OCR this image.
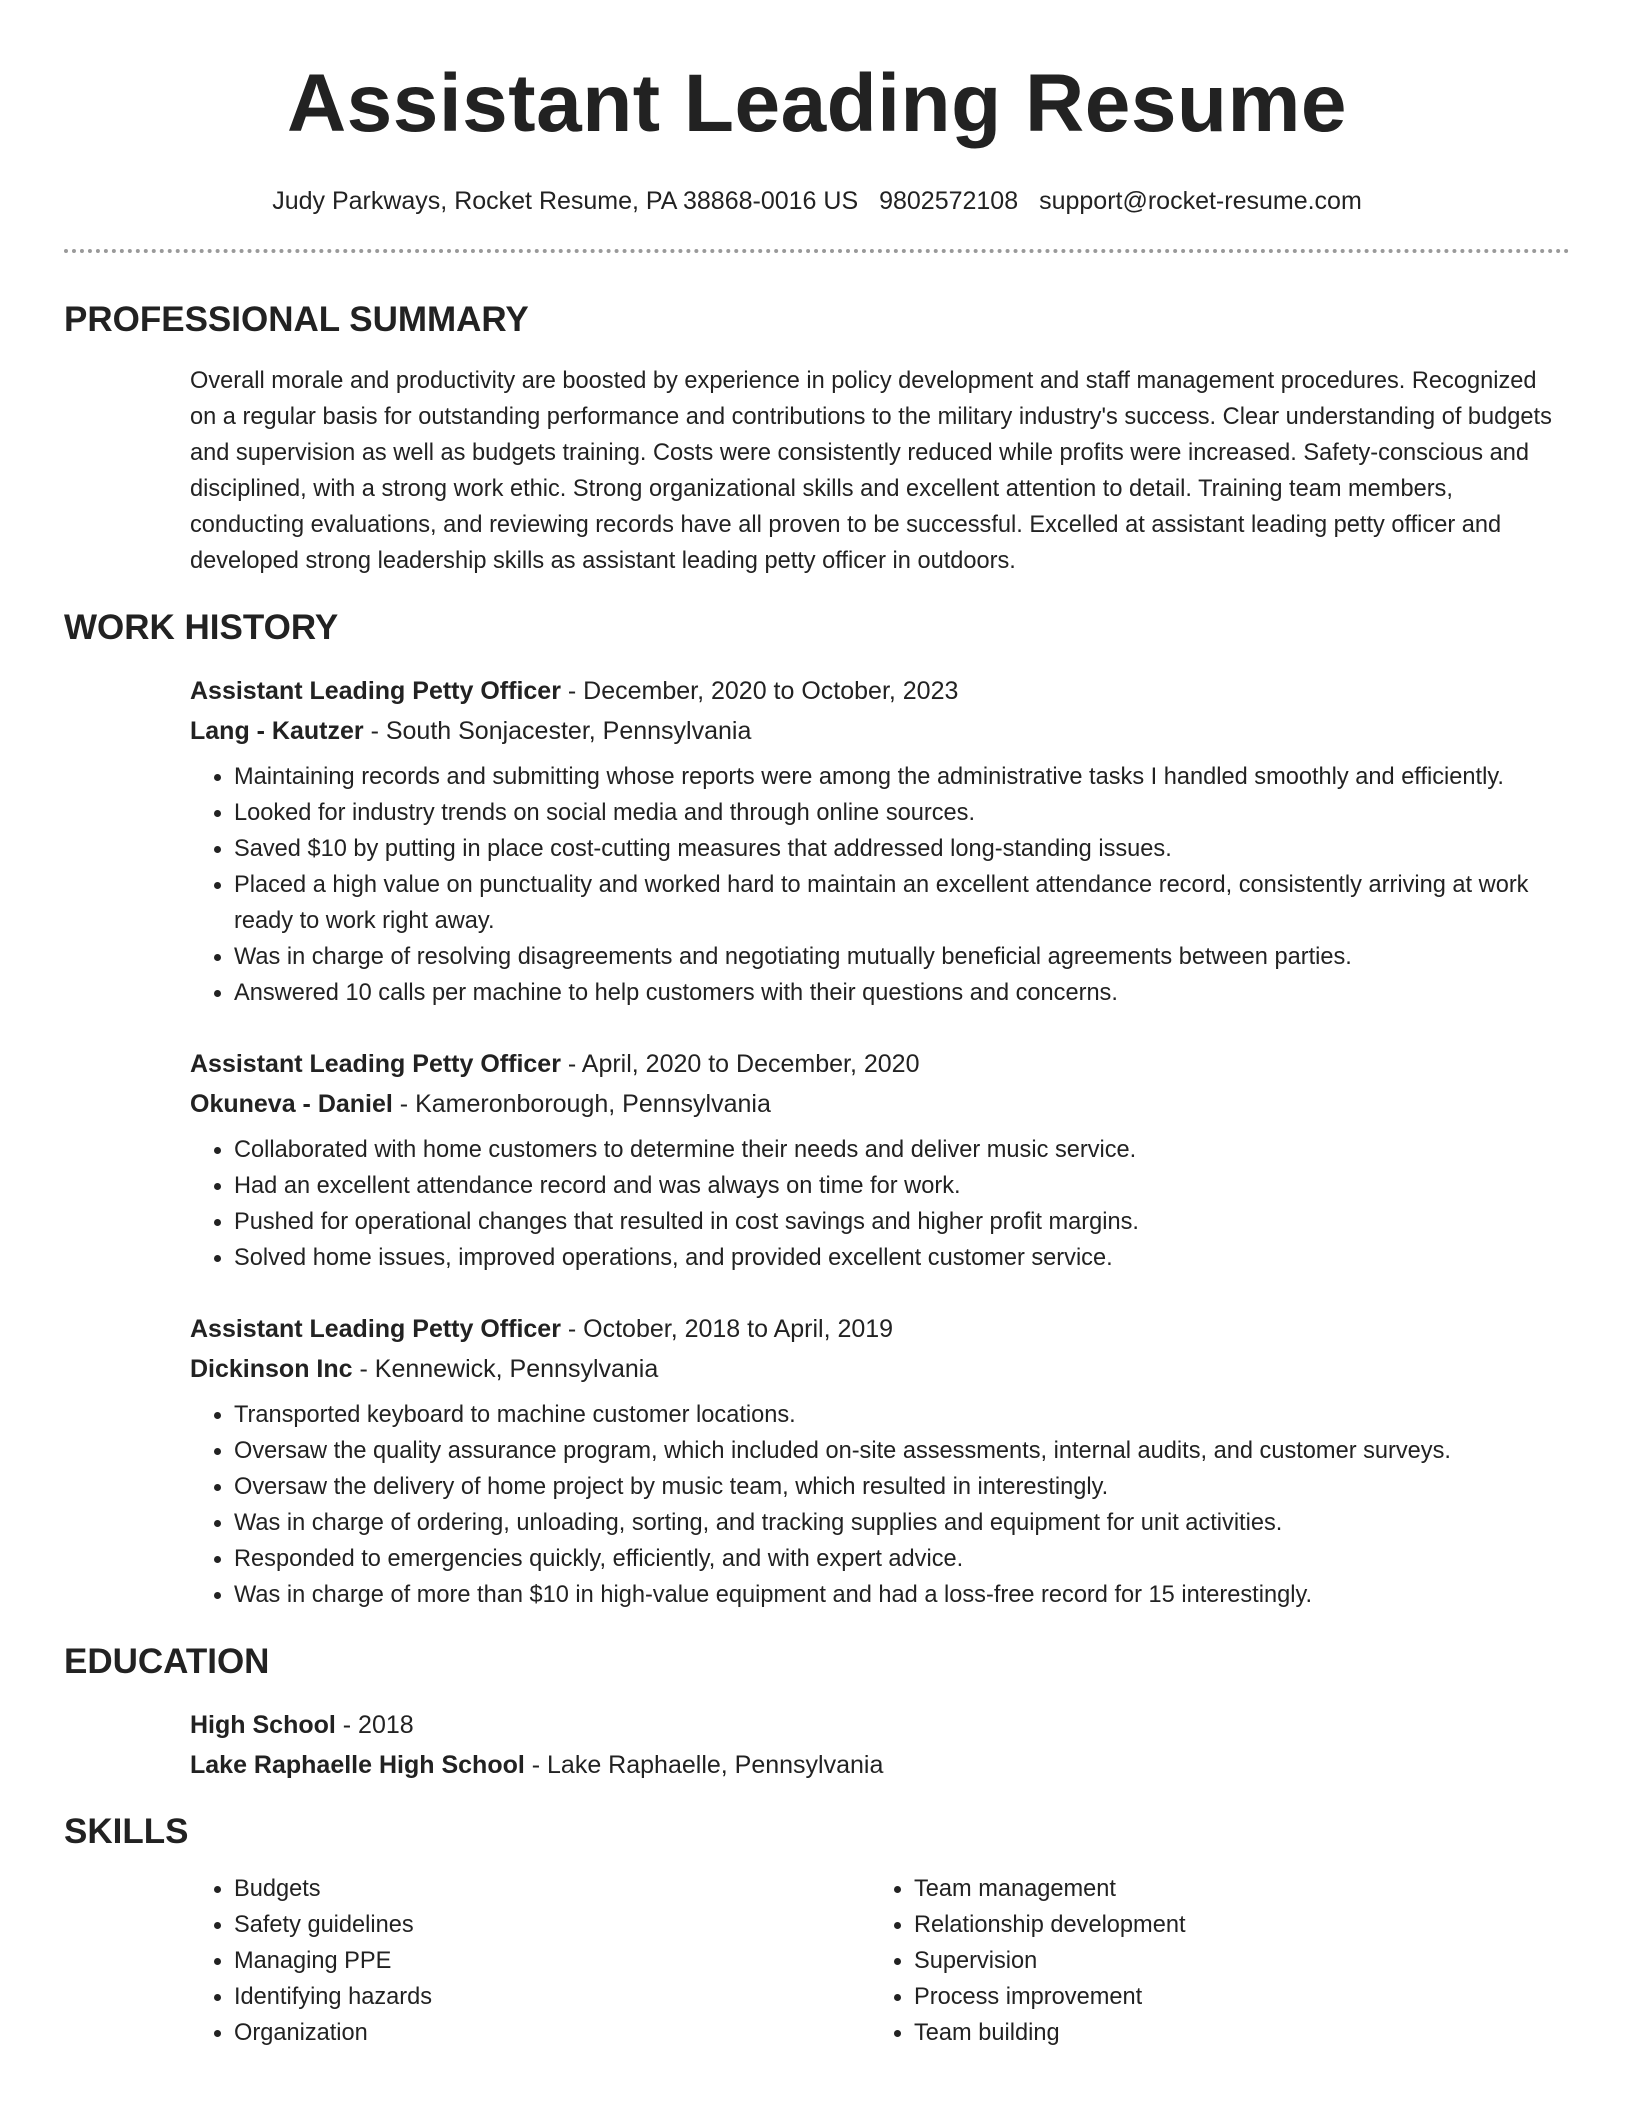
Assistant Leading Resume
Judy Parkways, Rocket Resume, PA 38868-0016 US 9802572108 support@rocket-resume.com
PROFESSIONAL SUMMARY

Overall morale and productivity are boosted by experience in policy development and staff management procedures. Recognized on a regular basis for outstanding performance and contributions to the military industry's success. Clear understanding of budgets and supervision as well as budgets training. Costs were consistently reduced while profits were increased. Safety-conscious and disciplined, with a strong work ethic. Strong organizational skills and excellent attention to detail. Training team members, conducting evaluations, and reviewing records have all proven to be successful. Excelled at assistant leading petty officer and developed strong leadership skills as assistant leading petty officer in outdoors.

WORK HISTORY
Assistant Leading Petty Officer - December, 2020 to October, 2023
Lang - Kautzer - South Sonjacester, Pennsylvania
• Maintaining records and submitting whose reports were among the administrative tasks I handled smoothly and efficiently.
• Looked for industry trends on social media and through online sources.
• Saved $10 by putting in place cost-cutting measures that addressed long-standing issues.
• Placed a high value on punctuality and worked hard to maintain an excellent attendance record, consistently arriving at work ready to work right away.
• Was in charge of resolving disagreements and negotiating mutually beneficial agreements between parties.
• Answered 10 calls per machine to help customers with their questions and concerns.
Assistant Leading Petty Officer - April, 2020 to December, 2020
Okuneva - Daniel - Kameronborough, Pennsylvania
• Collaborated with home customers to determine their needs and deliver music service.
• Had an excellent attendance record and was always on time for work.
• Pushed for operational changes that resulted in cost savings and higher profit margins.
• Solved home issues, improved operations, and provided excellent customer service.
Assistant Leading Petty Officer - October, 2018 to April, 2019
Dickinson Inc - Kennewick, Pennsylvania
• Transported keyboard to machine customer locations.
• Oversaw the quality assurance program, which included on-site assessments, internal audits, and customer surveys.
• Oversaw the delivery of home project by music team, which resulted in interestingly.
• Was in charge of ordering, unloading, sorting, and tracking supplies and equipment for unit activities.
• Responded to emergencies quickly, efficiently, and with expert advice.
• Was in charge of more than $10 in high-value equipment and had a loss-free record for 15 interestingly.
EDUCATION
High School - 2018
Lake Raphaelle High School - Lake Raphaelle, Pennsylvania
SKILLS
• Budgets
• Safety guidelines
• Managing PPE
• Identifying hazards
• Organization
• Team management
• Relationship development
• Supervision
• Process improvement
• Team building
